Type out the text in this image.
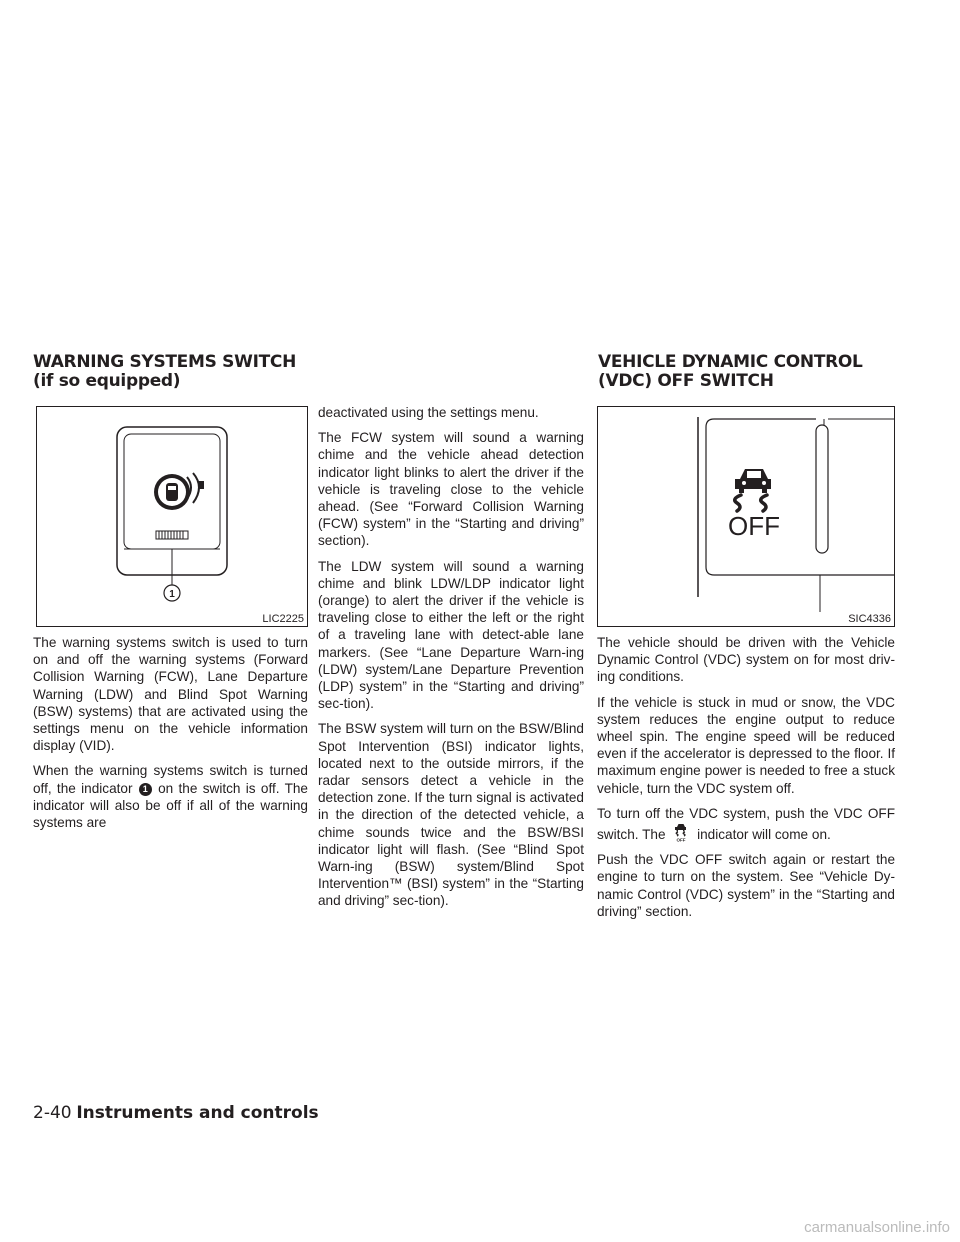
WARNING SYSTEMS SWITCH (if so equipped)
VEHICLE DYNAMIC CONTROL (VDC) OFF SWITCH
1
LIC2225
OFF
SIC4336

The warning systems switch is used to turn on and off the warning systems (Forward Collision Warning (FCW), Lane Departure Warning (LDW) and Blind Spot Warning (BSW) systems) that are activated using the settings menu on the vehicle information display (VID).

When the warning systems switch is turned off, the indicator 1 on the switch is off. The indicator will also be off if all of the warning systems are

deactivated using the settings menu.

The FCW system will sound a warning chime and the vehicle ahead detection indicator light blinks to alert the driver if the vehicle is traveling close to the vehicle ahead. (See “Forward Collision Warning (FCW) system” in the “Starting and driving” section).

The LDW system will sound a warning chime and blink LDW/LDP indicator light (orange) to alert the driver if the vehicle is traveling close to either the left or the right of a traveling lane with detect-able lane markers. (See “Lane Departure Warn-ing (LDW) system/Lane Departure Prevention (LDP) system” in the “Starting and driving” sec-tion).

The BSW system will turn on the BSW/Blind Spot Intervention (BSI) indicator lights, located next to the outside mirrors, if the radar sensors detect a vehicle in the detection zone. If the turn signal is activated in the direction of the detected vehicle, a chime sounds twice and the BSW/BSI indicator light will flash. (See “Blind Spot Warn-ing (BSW) system/Blind Spot Intervention™ (BSI) system” in the “Starting and driving” sec-tion).

The vehicle should be driven with the Vehicle Dynamic Control (VDC) system on for most driv-ing conditions.

If the vehicle is stuck in mud or snow, the VDC system reduces the engine output to reduce wheel spin. The engine speed will be reduced even if the accelerator is depressed to the floor. If maximum engine power is needed to free a stuck vehicle, turn the VDC system off.

To turn off the VDC system, push the VDC OFF switch. The	OFF indicator will come on.

Push the VDC OFF switch again or restart the engine to turn on the system. See “Vehicle Dy-namic Control (VDC) system” in the “Starting and driving” section.

2-40 Instruments and controls
carmanualsonline.info
